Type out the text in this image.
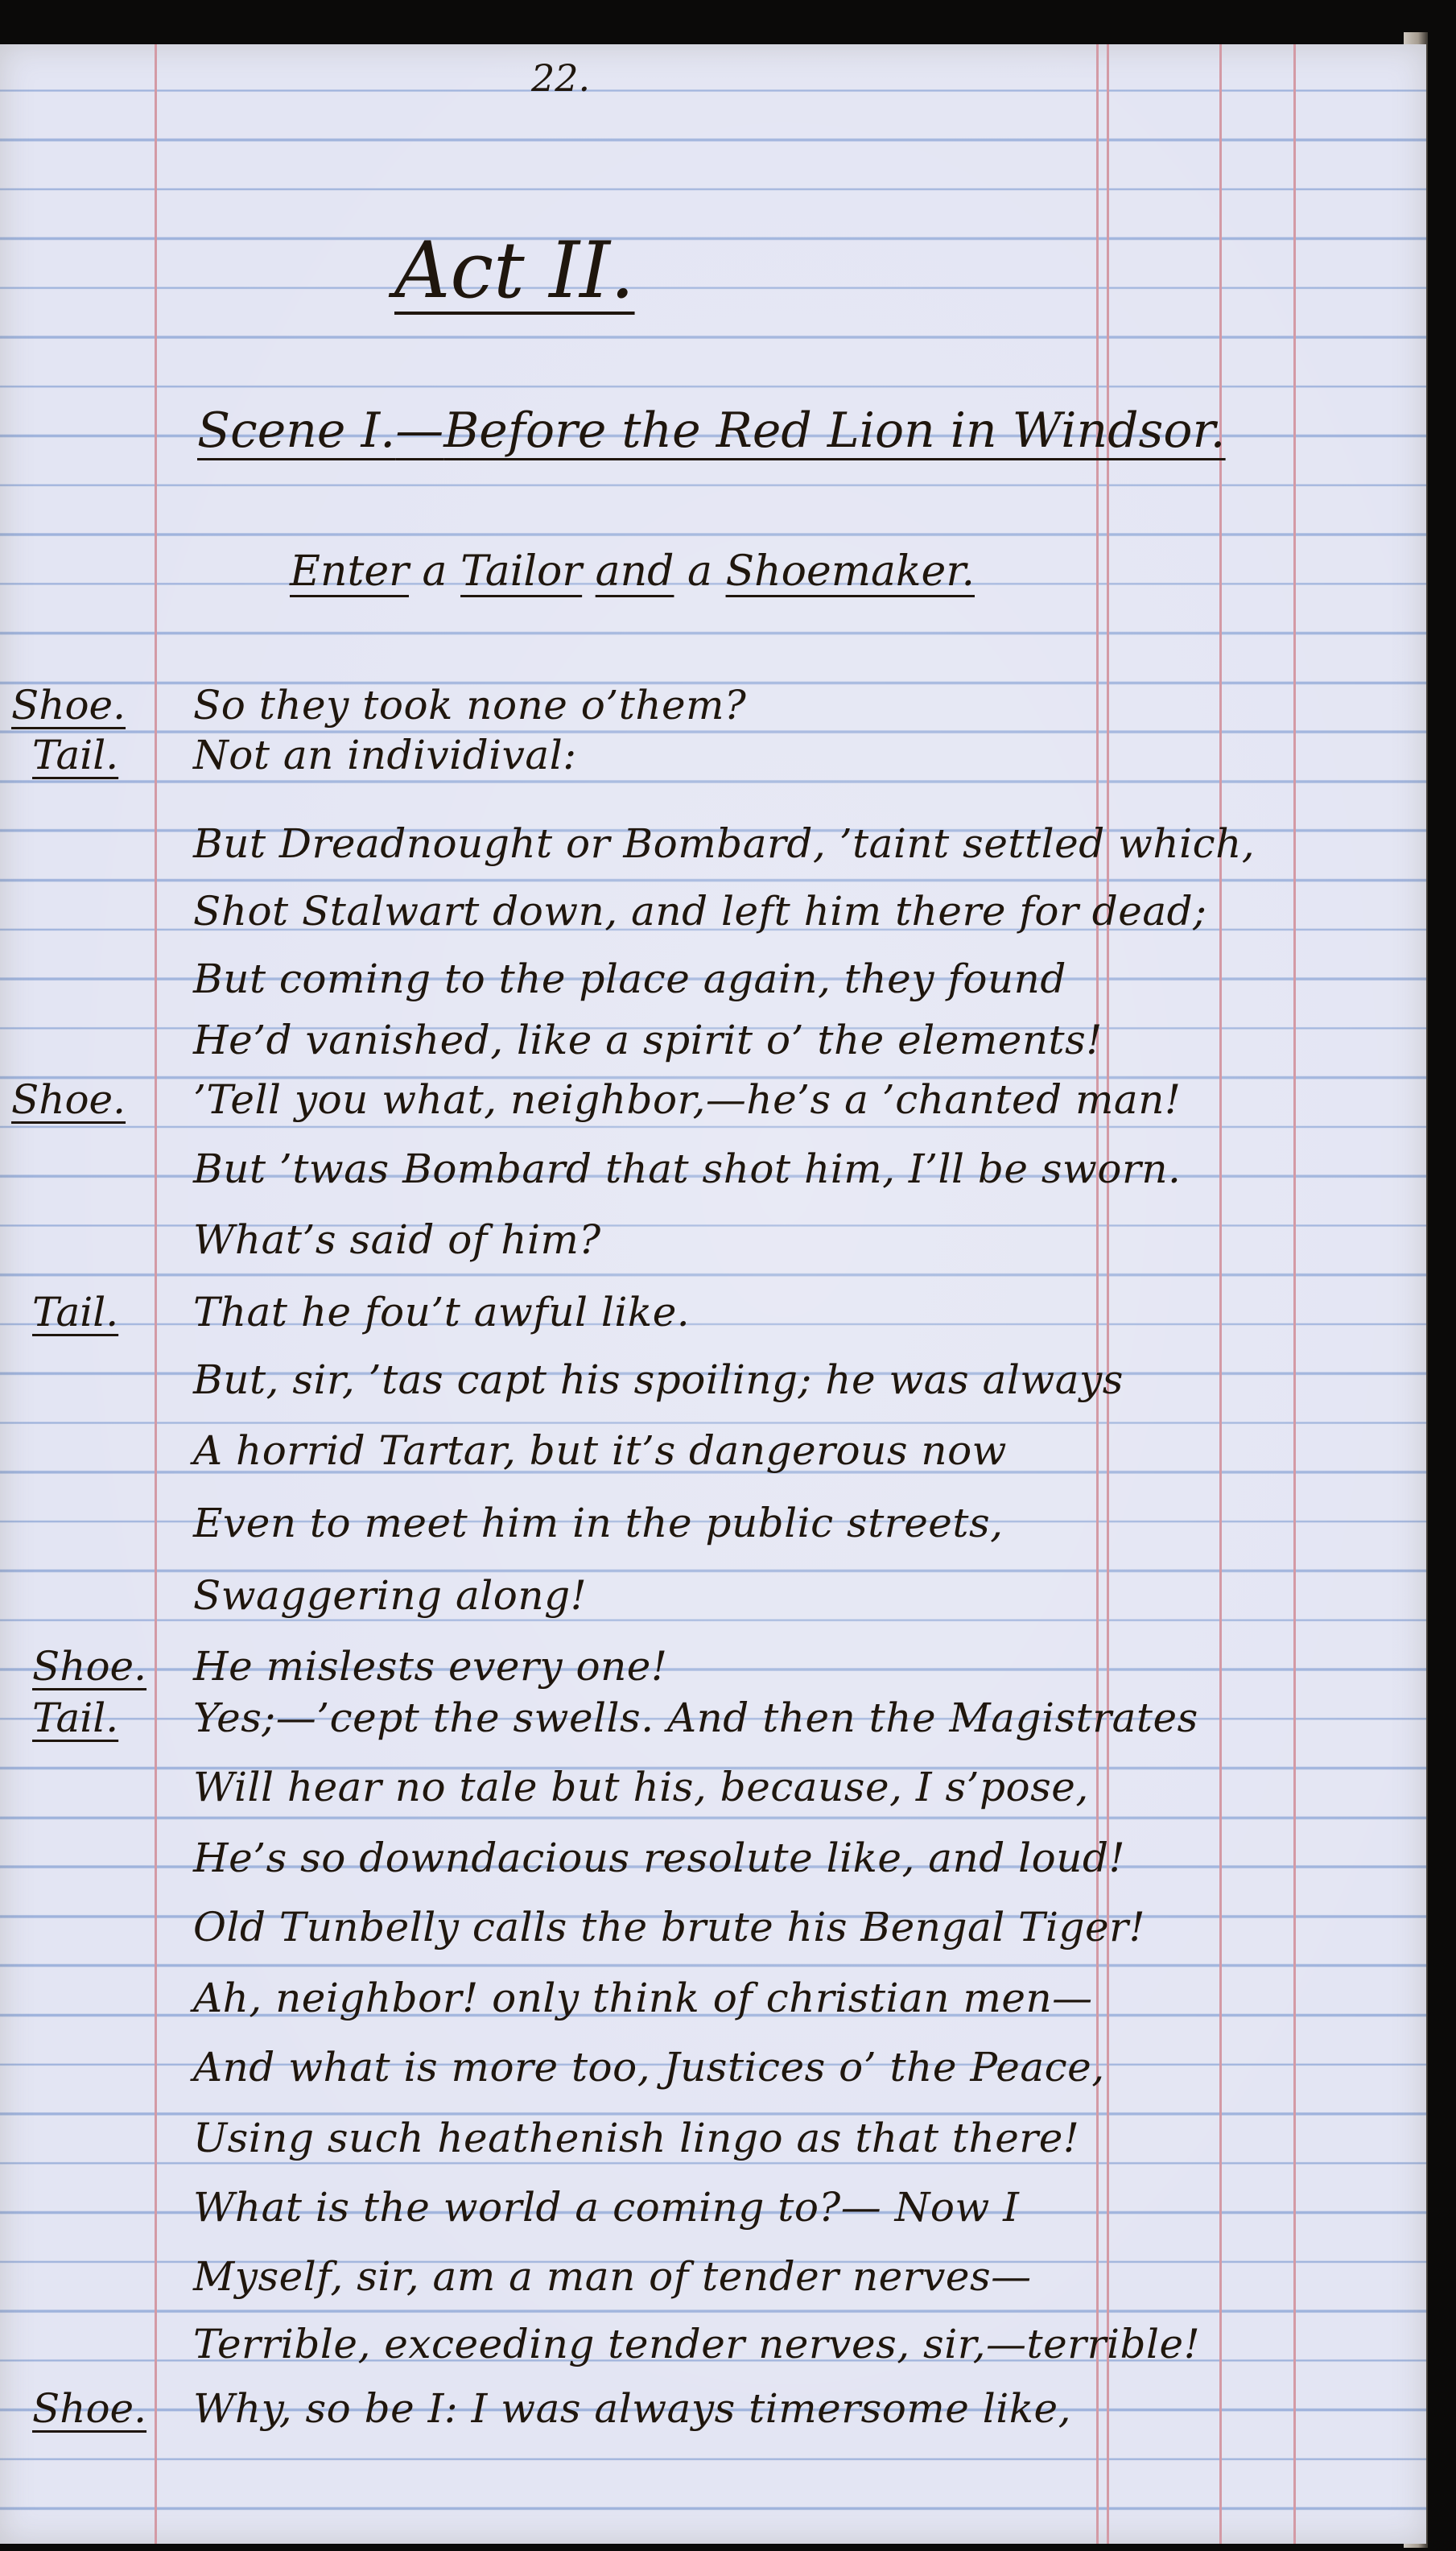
22.
Act II.
Scene I.—Before the Red Lion in Windsor.
Enter a Tailor and a Shoemaker.

Shoe.

Tail.

Shoe.

Tail.

Shoe.

Tail.

Shoe.

So they took none o’them?

Not an individival:

But Dreadnought or Bombard, ’taint settled which,

Shot Stalwart down, and left him there for dead;

But coming to the place again, they found

He’d vanished, like a spirit o’ the elements!

’Tell you what, neighbor,—he’s a ’chanted man!

But ’twas Bombard that shot him, I’ll be sworn.

What’s said of him?

That he fou’t awful like.

But, sir, ’tas capt his spoiling; he was always

A horrid Tartar, but it’s dangerous now

Even to meet him in the public streets,

Swaggering along!

He mislests every one!

Yes;—’cept the swells. And then the Magistrates

Will hear no tale but his, because, I s’pose,

He’s so downdacious resolute like, and loud!

Old Tunbelly calls the brute his Bengal Tiger!

Ah, neighbor! only think of christian men—

And what is more too, Justices o’ the Peace,

Using such heathenish lingo as that there!

What is the world a coming to?— Now I

Myself, sir, am a man of tender nerves—

Terrible, exceeding tender nerves, sir,—terrible!

Why, so be I: I was always timersome like,
